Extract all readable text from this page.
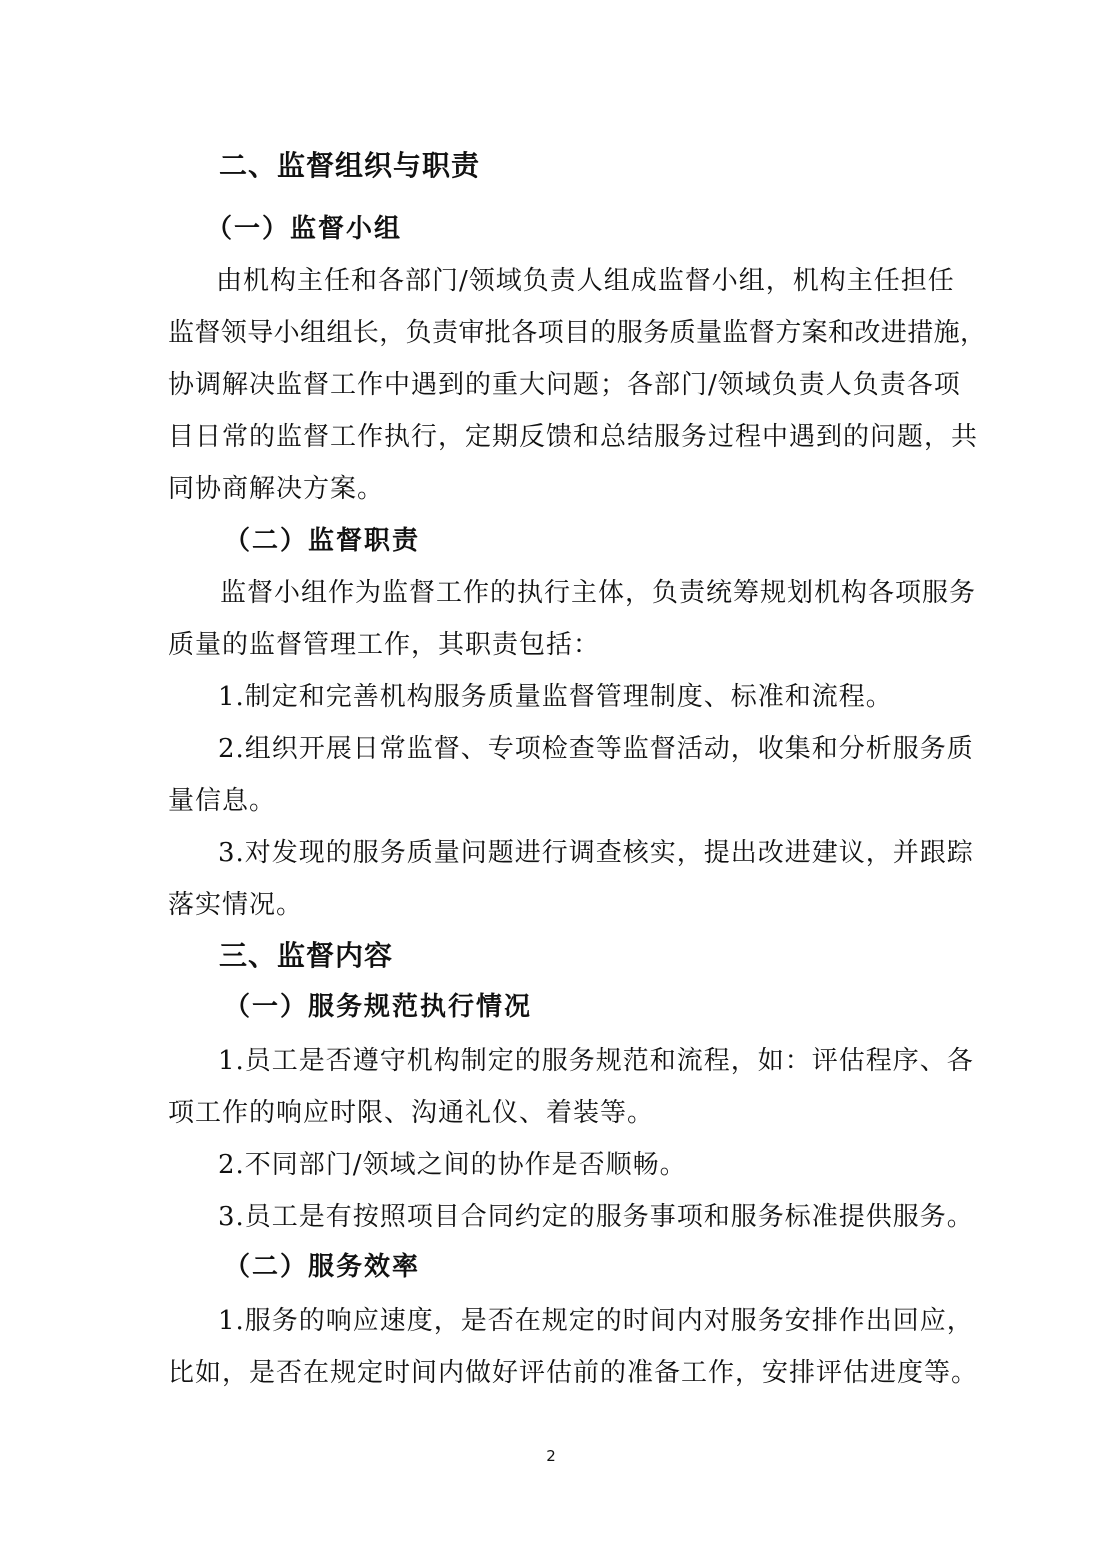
二、监督组织与职责
（一）监督小组

由机构主任和各部门/领域负责人组成监督小组，机构主任担任

监督领导小组组长，负责审批各项目的服务质量监督方案和改进措施，

协调解决监督工作中遇到的重大问题；各部门/领域负责人负责各项

目日常的监督工作执行，定期反馈和总结服务过程中遇到的问题，共

同协商解决方案。

（二）监督职责

监督小组作为监督工作的执行主体，负责统筹规划机构各项服务

质量的监督管理工作，其职责包括：

1.制定和完善机构服务质量监督管理制度、标准和流程。

2.组织开展日常监督、专项检查等监督活动，收集和分析服务质

量信息。

3.对发现的服务质量问题进行调查核实，提出改进建议，并跟踪

落实情况。

三、监督内容
（一）服务规范执行情况

1.员工是否遵守机构制定的服务规范和流程，如：评估程序、各

项工作的响应时限、沟通礼仪、着装等。

2.不同部门/领域之间的协作是否顺畅。

3.员工是有按照项目合同约定的服务事项和服务标准提供服务。

（二）服务效率

1.服务的响应速度，是否在规定的时间内对服务安排作出回应，

比如，是否在规定时间内做好评估前的准备工作，安排评估进度等。

2
